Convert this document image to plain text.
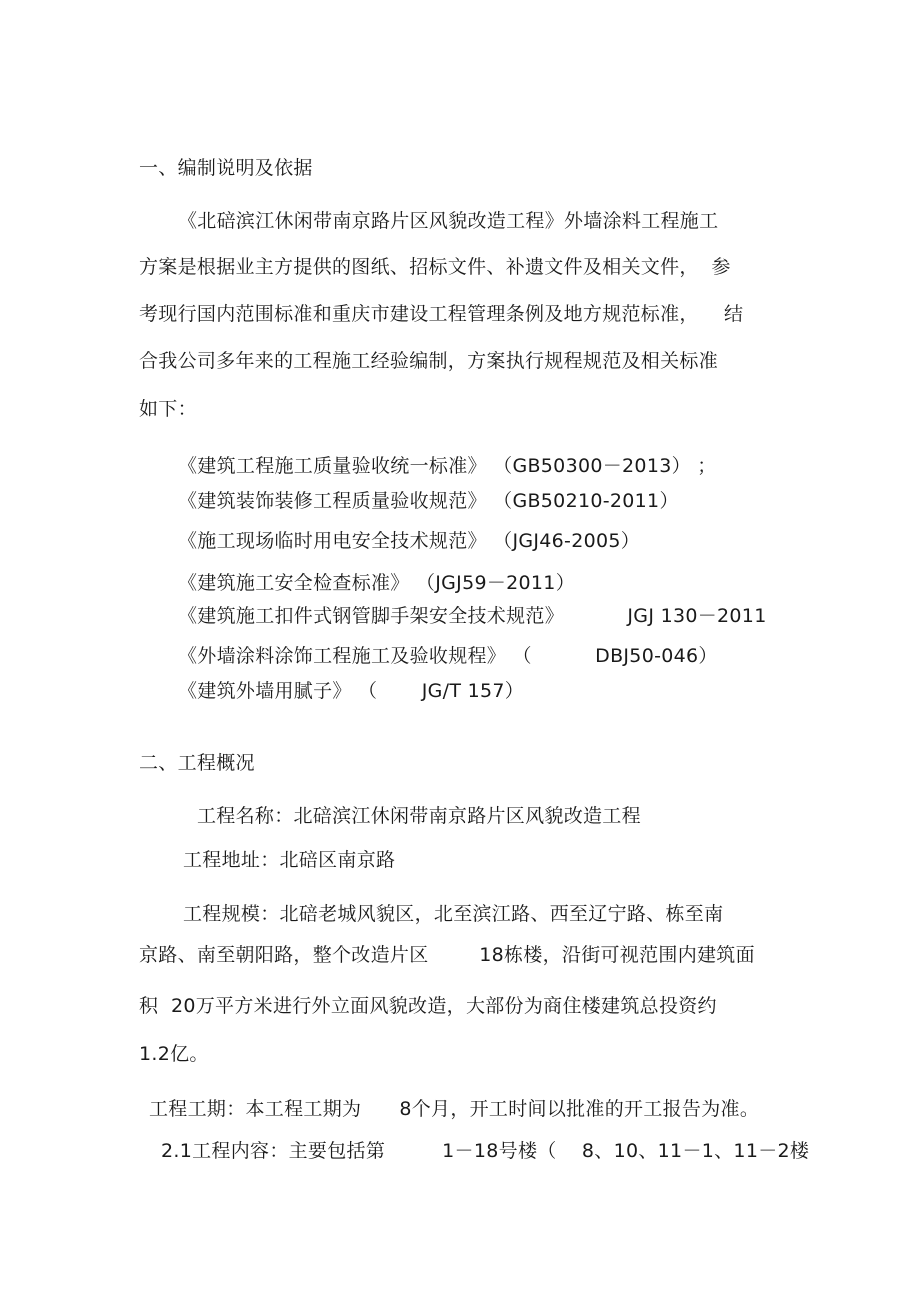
一、编制说明及依据
《北碚滨江休闲带南京路片区风貌改造工程》外墙涂料工程施工
方案是根据业主方提供的图纸、招标文件、补遗文件及相关文件，  参
考现行国内范围标准和重庆市建设工程管理条例及地方规范标准，    结
合我公司多年来的工程施工经验编制，方案执行规程规范及相关标准
如下：
《建筑工程施工质量验收统一标准》 （GB50300－2013） ；
《建筑装饰装修工程质量验收规范》 （GB50210-2011）
《施工现场临时用电安全技术规范》 （JGJ46-2005）
《建筑施工安全检查标准》 （JGJ59－2011）
《建筑施工扣件式钢管脚手架安全技术规范》          JGJ 130－2011
《外墙涂料涂饰工程施工及验收规程》 （          DBJ50-046）
《建筑外墙用腻子》 （       JG/T 157）
二、工程概况
工程名称：北碚滨江休闲带南京路片区风貌改造工程
工程地址：北碚区南京路
工程规模：北碚老城风貌区，北至滨江路、西至辽宁路、栋至南
京路、南至朝阳路，整个改造片区        18栋楼，沿街可视范围内建筑面
积  20万平方米进行外立面风貌改造，大部份为商住楼建筑总投资约
1.2亿。
工程工期：本工程工期为      8个月，开工时间以批准的开工报告为准。
2.1工程内容：主要包括第         1－18号楼（    8、10、11－1、11－2楼
